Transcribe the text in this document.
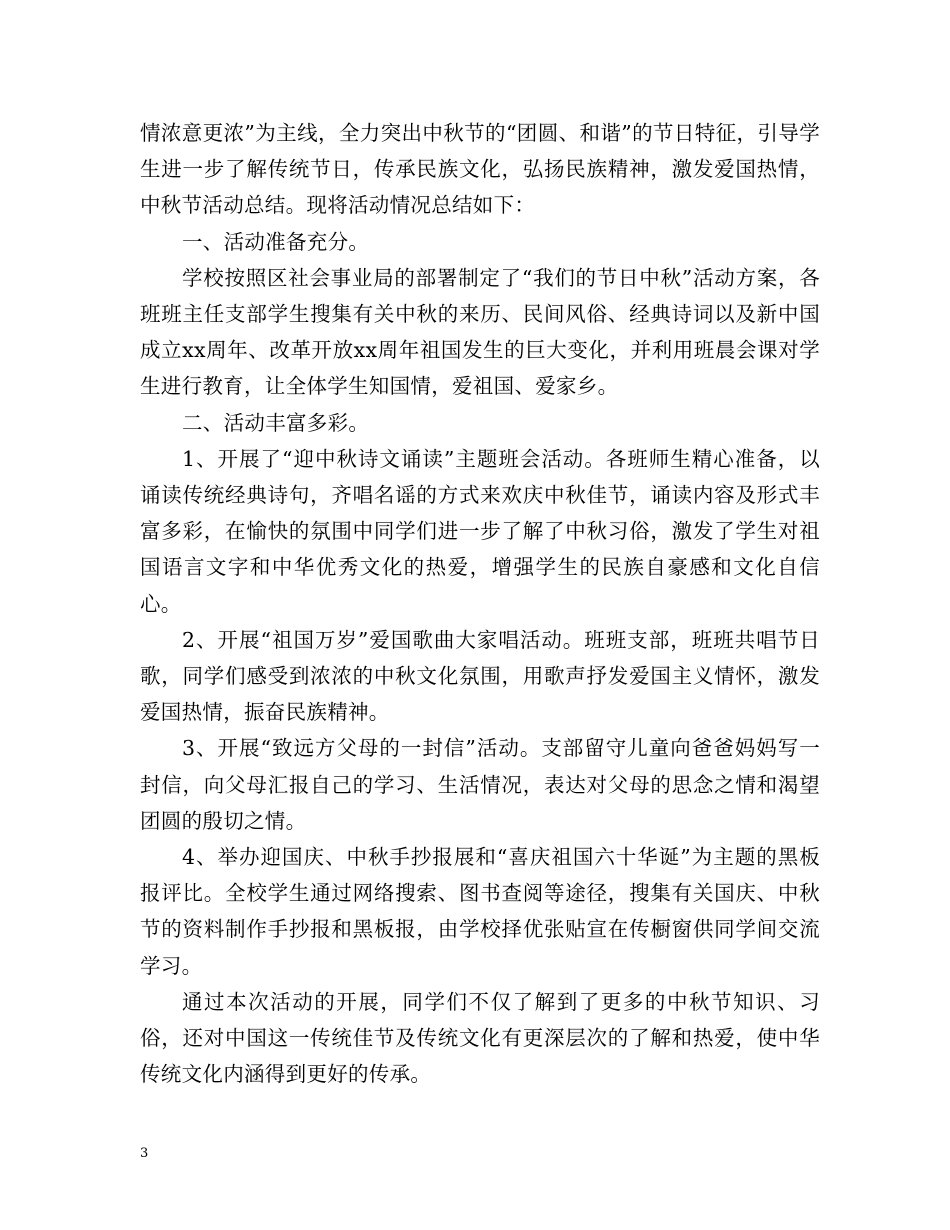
情浓意更浓”为主线，全力突出中秋节的“团圆、和谐”的节日特征，引导学生进一步了解传统节日，传承民族文化，弘扬民族精神，激发爱国热情，中秋节活动总结。现将活动情况总结如下：

一、活动准备充分。

学校按照区社会事业局的部署制定了“我们的节日中秋”活动方案，各班班主任支部学生搜集有关中秋的来历、民间风俗、经典诗词以及新中国成立xx周年、改革开放xx周年祖国发生的巨大变化，并利用班晨会课对学生进行教育，让全体学生知国情，爱祖国、爱家乡。

二、活动丰富多彩。

1、开展了“迎中秋诗文诵读”主题班会活动。各班师生精心准备，以诵读传统经典诗句，齐唱名谣的方式来欢庆中秋佳节，诵读内容及形式丰富多彩，在愉快的氛围中同学们进一步了解了中秋习俗，激发了学生对祖国语言文字和中华优秀文化的热爱，增强学生的民族自豪感和文化自信心。

2、开展“祖国万岁”爱国歌曲大家唱活动。班班支部，班班共唱节日歌，同学们感受到浓浓的中秋文化氛围，用歌声抒发爱国主义情怀，激发爱国热情，振奋民族精神。

3、开展“致远方父母的一封信”活动。支部留守儿童向爸爸妈妈写一封信，向父母汇报自己的学习、生活情况，表达对父母的思念之情和渴望团圆的殷切之情。

4、举办迎国庆、中秋手抄报展和“喜庆祖国六十华诞”为主题的黑板报评比。全校学生通过网络搜索、图书查阅等途径，搜集有关国庆、中秋节的资料制作手抄报和黑板报，由学校择优张贴宣在传橱窗供同学间交流学习。

通过本次活动的开展，同学们不仅了解到了更多的中秋节知识、习俗，还对中国这一传统佳节及传统文化有更深层次的了解和热爱，使中华传统文化内涵得到更好的传承。

3
